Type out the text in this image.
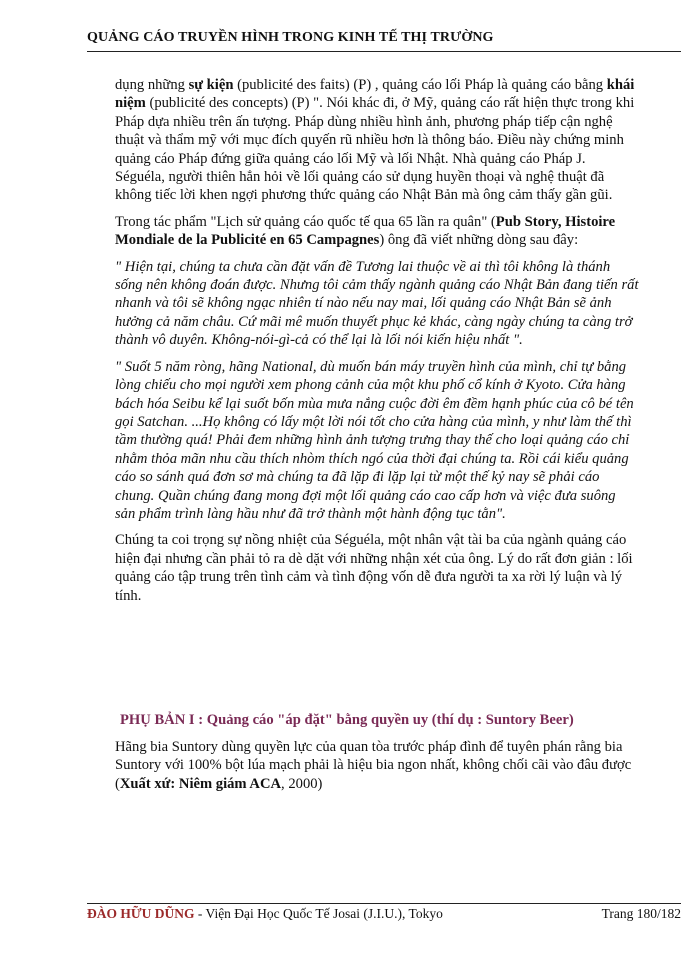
QUẢNG CÁO TRUYỀN HÌNH TRONG KINH TẾ THỊ TRƯỜNG

dụng những sự kiện (publicité des faits) (P) , quảng cáo lối Pháp là quảng cáo bằng khái niệm (publicité des concepts) (P) ". Nói khác đi, ở Mỹ, quảng cáo rất hiện thực trong khi Pháp dựa nhiều trên ấn tượng. Pháp dùng nhiều hình ảnh, phương pháp tiếp cận nghệ thuật và thẩm mỹ với mục đích quyến rũ nhiều hơn là thông báo. Điều này chứng minh quảng cáo Pháp đứng giữa quảng cáo lối Mỹ và lối Nhật. Nhà quảng cáo Pháp J. Séguéla, người thiên hẳn hỏi về lối quảng cáo sử dụng huyền thoại và nghệ thuật đã không tiếc lời khen ngợi phương thức quảng cáo Nhật Bản mà ông cảm thấy gần gũi.

Trong tác phẩm "Lịch sử quảng cáo quốc tế qua 65 lần ra quân" (Pub Story, Histoire Mondiale de la Publicité en 65 Campagnes) ông đã viết những dòng sau đây:

" Hiện tại, chúng ta chưa cần đặt vấn đề Tương lai thuộc về ai thì tôi không là thánh sống nên không đoán được. Nhưng tôi cảm thấy ngành quảng cáo Nhật Bản đang tiến rất nhanh và tôi sẽ không ngạc nhiên tí nào nếu nay mai, lối quảng cáo Nhật Bản sẽ ảnh hưởng cả năm châu. Cứ mãi mê muốn thuyết phục kẻ khác, càng ngày chúng ta càng trở thành vô duyên. Không-nói-gì-cả có thể lại là lối nói kiến hiệu nhất ".

" Suốt 5 năm ròng, hãng National, dù muốn bán máy truyền hình của mình, chỉ tự bằng lòng chiếu cho mọi người xem phong cảnh của một khu phố cổ kính ở Kyoto. Cửa hàng bách hóa Seibu kể lại suốt bốn mùa mưa nắng cuộc đời êm đềm hạnh phúc của cô bé tên gọi Satchan. ...Họ không có lấy một lời nói tốt cho cửa hàng của mình, y như làm thế thì tầm thường quá! Phải đem những hình ảnh tượng trưng thay thế cho loại quảng cáo chỉ nhằm thỏa mãn nhu cầu thích nhòm thích ngó của thời đại chúng ta. Rồi cái kiểu quảng cáo so sánh quá đơn sơ mà chúng ta đã lặp đi lặp lại từ một thế kỷ nay sẽ phải cáo chung. Quần chúng đang mong đợi một lối quảng cáo cao cấp hơn và việc đưa suông sản phẩm trình làng hầu như đã trở thành một hành động tục tằn".

Chúng ta coi trọng sự nồng nhiệt của Séguéla, một nhân vật tài ba của ngành quảng cáo hiện đại nhưng cần phải tỏ ra dè dặt với những nhận xét của ông. Lý do rất đơn giản : lối quảng cáo tập trung trên tình cảm và tình động vốn dễ đưa người ta xa rời lý luận và lý tính.

PHỤ BẢN I : Quảng cáo "áp đặt" bằng quyền uy (thí dụ : Suntory Beer)
Hãng bia Suntory dùng quyền lực của quan tòa trước pháp đình để tuyên phán rằng bia Suntory với 100% bột lúa mạch phải là hiệu bia ngon nhất, không chối cãi vào đâu được (Xuất xứ: Niêm giám ACA, 2000)
ĐÀO HỮU DŨNG - Viện Đại Học Quốc Tế Josai (J.I.U.), Tokyo	Trang 180/182
